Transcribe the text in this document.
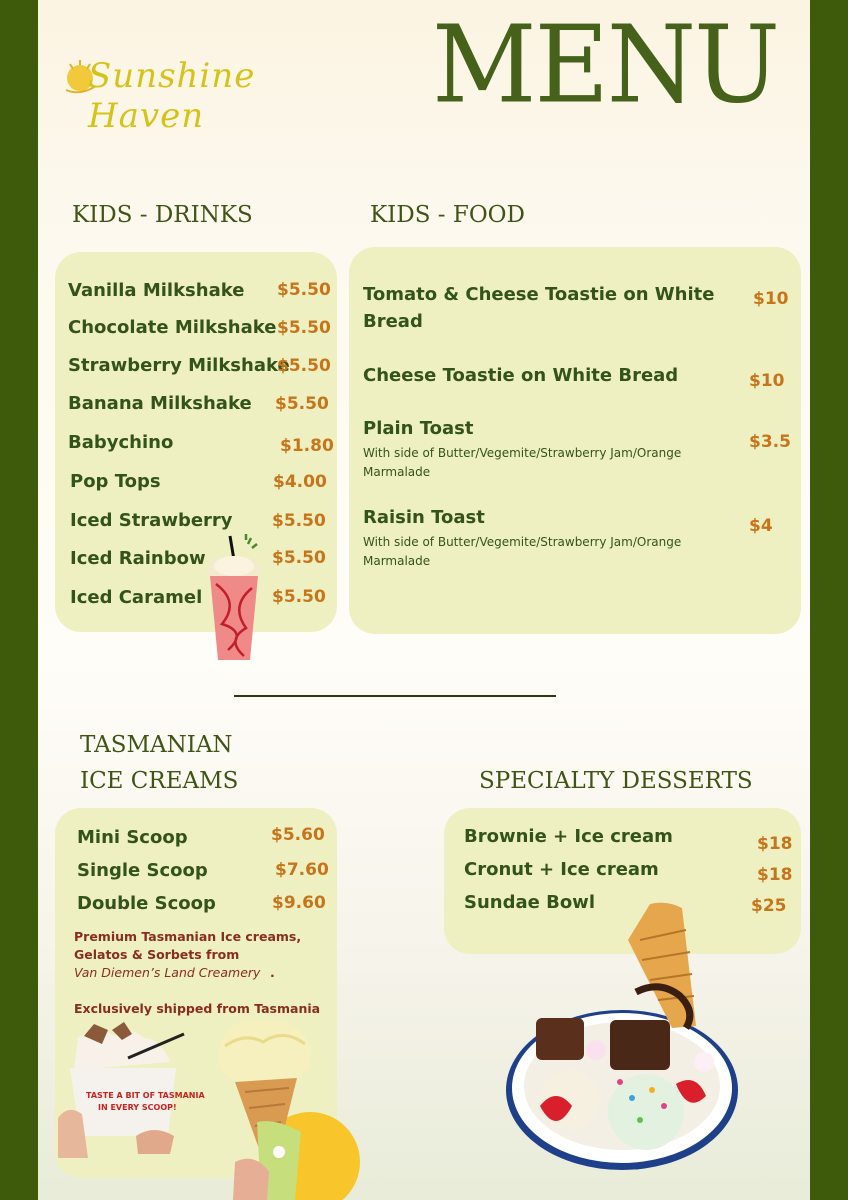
Sunshine Haven	MENU
KIDS - DRINKS
Vanilla Milkshake $5.50
Chocolate Milkshake $5.50
Strawberry Milkshake
$5.50
Banana Milkshake $5.50
Babychino	$1.80
Pop Tops	$4.00
Iced Strawberry $5.50
Iced Rainbow	$5.50
Iced Caramel	$5.50
KIDS - FOOD
Tomato & Cheese Toastie on White
Bread
$10
Cheese Toastie on White Bread	$10
Plain Toast
With side of Butter/Vegemite/Strawberry Jam/Orange
Marmalade
$3.5
Raisin Toast
With side of Butter/Vegemite/Strawberry Jam/Orange
Marmalade
$4
TASMANIAN
ICE CREAMS
Mini Scoop	$5.60
Single Scoop	$7.60
Double Scoop	$9.60
Premium Tasmanian Ice creams,
Gelatos & Sorbets from
Van Diemen’s Land Creamery .
Exclusively shipped from Tasmania
TASTE A BIT OF TASMANIA
IN EVERY SCOOP!
SPECIALTY DESSERTS
Brownie + Ice cream	$18
Cronut + Ice cream	$18
Sundae Bowl	$25
